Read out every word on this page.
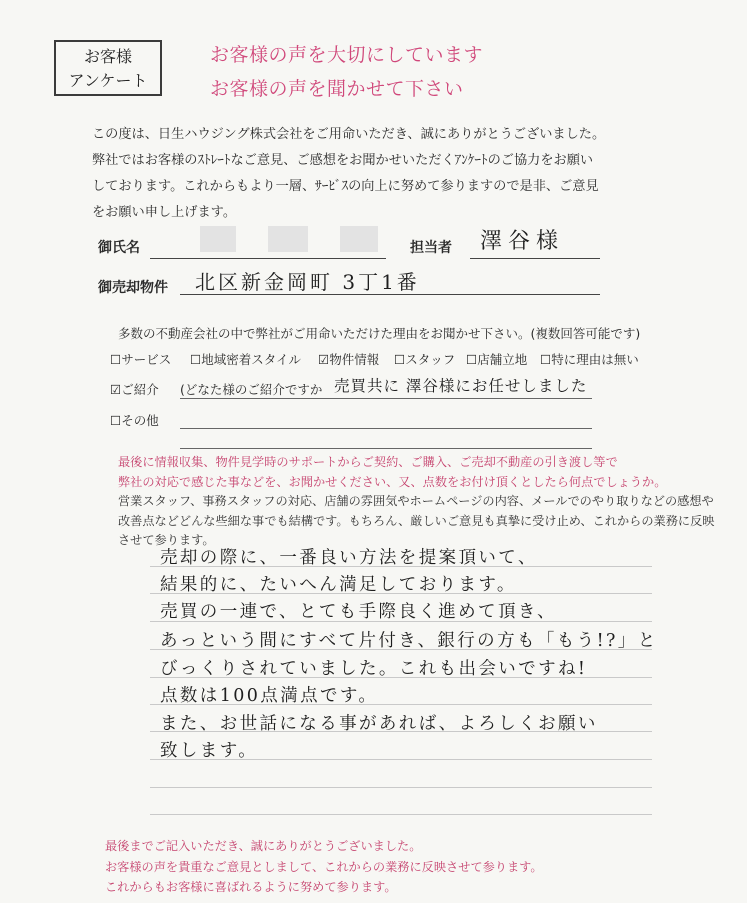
お客様
アンケート
お客様の声を大切にしています
お客様の声を聞かせて下さい
この度は、日生ハウジング株式会社をご用命いただき、誠にありがとうございました。
弊社ではお客様のｽﾄﾚｰﾄなご意見、ご感想をお聞かせいただくｱﾝｹｰﾄのご協力をお願い
しております。これからもより一層、ｻｰﾋﾞｽの向上に努めて参りますので是非、ご意見
をお願い申し上げます。
御氏名	担当者 澤谷様
御売却物件 北区新金岡町 3丁1番
多数の不動産会社の中で弊社がご用命いただけた理由をお聞かせ下さい。(複数回答可能です)
☐サービス ☐地域密着スタイル ☑物件情報 ☐スタッフ ☐店舗立地 ☐特に理由は無い
☑ご紹介 (どなた様のご紹介ですか 売買共に 澤谷様にお任せしました
☐その他
最後に情報収集、物件見学時のサポートからご契約、ご購入、ご売却不動産の引き渡し等で
弊社の対応で感じた事などを、お聞かせください、又、点数をお付け頂くとしたら何点でしょうか。
営業スタッフ、事務スタッフの対応、店舗の雰囲気やホームページの内容、メールでのやり取りなどの感想や
改善点などどんな些細な事でも結構です。もちろん、厳しいご意見も真摯に受け止め、これからの業務に反映
させて参ります。
売却の際に、一番良い方法を提案頂いて、
結果的に、たいへん満足しております。
売買の一連で、とても手際良く進めて頂き、
あっという間にすべて片付き、銀行の方も「もう!?」と
びっくりされていました。これも出会いですね!
点数は100点満点です。
また、お世話になる事があれば、よろしくお願い
致します。
最後までご記入いただき、誠にありがとうございました。
お客様の声を貴重なご意見としまして、これからの業務に反映させて参ります。
これからもお客様に喜ばれるように努めて参ります。
